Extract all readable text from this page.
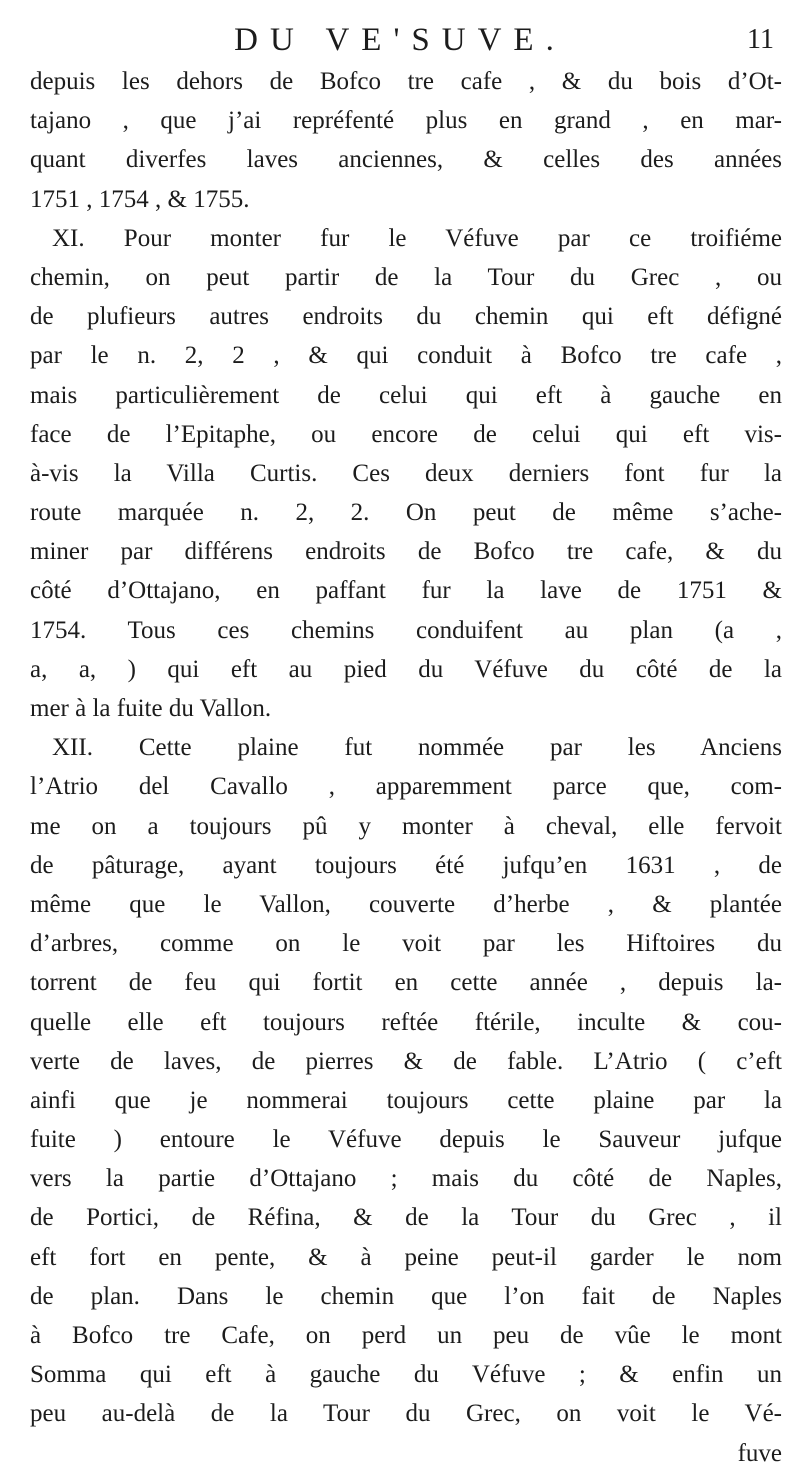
DU VE'SUVE.	11
depuis les dehors de Bofco tre cafe , & du bois d’Ot-
tajano , que j’ai repréfenté plus en grand , en mar-
quant diverfes laves anciennes, & celles des années
1751 , 1754 , & 1755.
XI. Pour monter fur le Véfuve par ce troifiéme
chemin, on peut partir de la Tour du Grec , ou
de plufieurs autres endroits du chemin qui eft défigné
par le n. 2, 2 , & qui conduit à Bofco tre cafe ,
mais particulièrement de celui qui eft à gauche en
face de l’Epitaphe, ou encore de celui qui eft vis-
à-vis la Villa Curtis. Ces deux derniers font fur la
route marquée n. 2, 2. On peut de même s’ache-
miner par différens endroits de Bofco tre cafe, & du
côté d’Ottajano, en paffant fur la lave de 1751 &
1754. Tous ces chemins conduifent au plan (a ,
a, a, ) qui eft au pied du Véfuve du côté de la
mer à la fuite du Vallon.
XII. Cette plaine fut nommée par les Anciens
l’Atrio del Cavallo , apparemment parce que, com-
me on a toujours pû y monter à cheval, elle fervoit
de pâturage, ayant toujours été jufqu’en 1631 , de
même que le Vallon, couverte d’herbe , & plantée
d’arbres, comme on le voit par les Hiftoires du
torrent de feu qui fortit en cette année , depuis la-
quelle elle eft toujours reftée ftérile, inculte & cou-
verte de laves, de pierres & de fable. L’Atrio ( c’eft
ainfi que je nommerai toujours cette plaine par la
fuite ) entoure le Véfuve depuis le Sauveur jufque
vers la partie d’Ottajano ; mais du côté de Naples,
de Portici, de Réfina, & de la Tour du Grec , il
eft fort en pente, & à peine peut-il garder le nom
de plan. Dans le chemin que l’on fait de Naples
à Bofco tre Cafe, on perd un peu de vûe le mont
Somma qui eft à gauche du Véfuve ; & enfin un
peu au-delà de la Tour du Grec, on voit le Vé-
fuve
